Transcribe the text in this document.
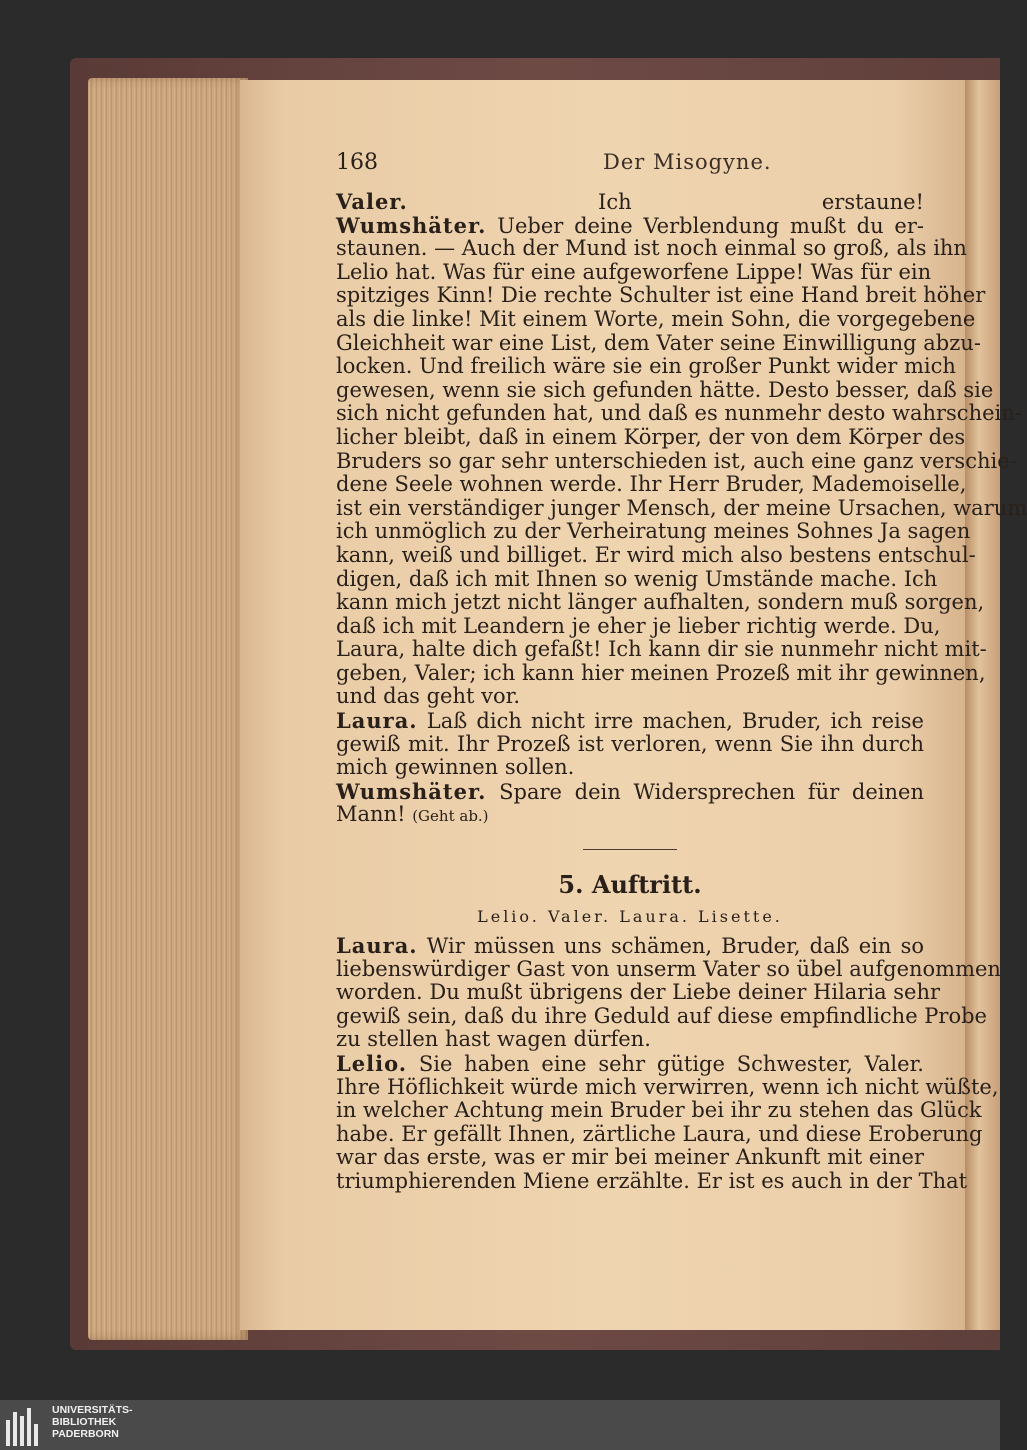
168	Der Misogyne.
Valer.	Ich erstaune!
Wumshäter. Ueber deine Verblendung mußt du er-
staunen. — Auch der Mund ist noch einmal so groß, als ihn
Lelio hat. Was für eine aufgeworfene Lippe! Was für ein
spitziges Kinn! Die rechte Schulter ist eine Hand breit höher
als die linke! Mit einem Worte, mein Sohn, die vorgegebene
Gleichheit war eine List, dem Vater seine Einwilligung abzu-
locken. Und freilich wäre sie ein großer Punkt wider mich
gewesen, wenn sie sich gefunden hätte. Desto besser, daß sie
sich nicht gefunden hat, und daß es nunmehr desto wahrschein-
licher bleibt, daß in einem Körper, der von dem Körper des
Bruders so gar sehr unterschieden ist, auch eine ganz verschie-
dene Seele wohnen werde. Ihr Herr Bruder, Mademoiselle,
ist ein verständiger junger Mensch, der meine Ursachen, warum
ich unmöglich zu der Verheiratung meines Sohnes Ja sagen
kann, weiß und billiget. Er wird mich also bestens entschul-
digen, daß ich mit Ihnen so wenig Umstände mache. Ich
kann mich jetzt nicht länger aufhalten, sondern muß sorgen,
daß ich mit Leandern je eher je lieber richtig werde. Du,
Laura, halte dich gefaßt! Ich kann dir sie nunmehr nicht mit-
geben, Valer; ich kann hier meinen Prozeß mit ihr gewinnen,
und das geht vor.
Laura. Laß dich nicht irre machen, Bruder, ich reise
gewiß mit. Ihr Prozeß ist verloren, wenn Sie ihn durch
mich gewinnen sollen.
Wumshäter. Spare dein Widersprechen für deinen
Mann! (Geht ab.)
5. Auftritt.
Lelio. Valer. Laura. Lisette.
Laura. Wir müssen uns schämen, Bruder, daß ein so
liebenswürdiger Gast von unserm Vater so übel aufgenommen
worden. Du mußt übrigens der Liebe deiner Hilaria sehr
gewiß sein, daß du ihre Geduld auf diese empfindliche Probe
zu stellen hast wagen dürfen.
Lelio. Sie haben eine sehr gütige Schwester, Valer.
Ihre Höflichkeit würde mich verwirren, wenn ich nicht wüßte,
in welcher Achtung mein Bruder bei ihr zu stehen das Glück
habe. Er gefällt Ihnen, zärtliche Laura, und diese Eroberung
war das erste, was er mir bei meiner Ankunft mit einer
triumphierenden Miene erzählte. Er ist es auch in der That
UNIVERSITÄTS-
BIBLIOTHEK
PADERBORN
